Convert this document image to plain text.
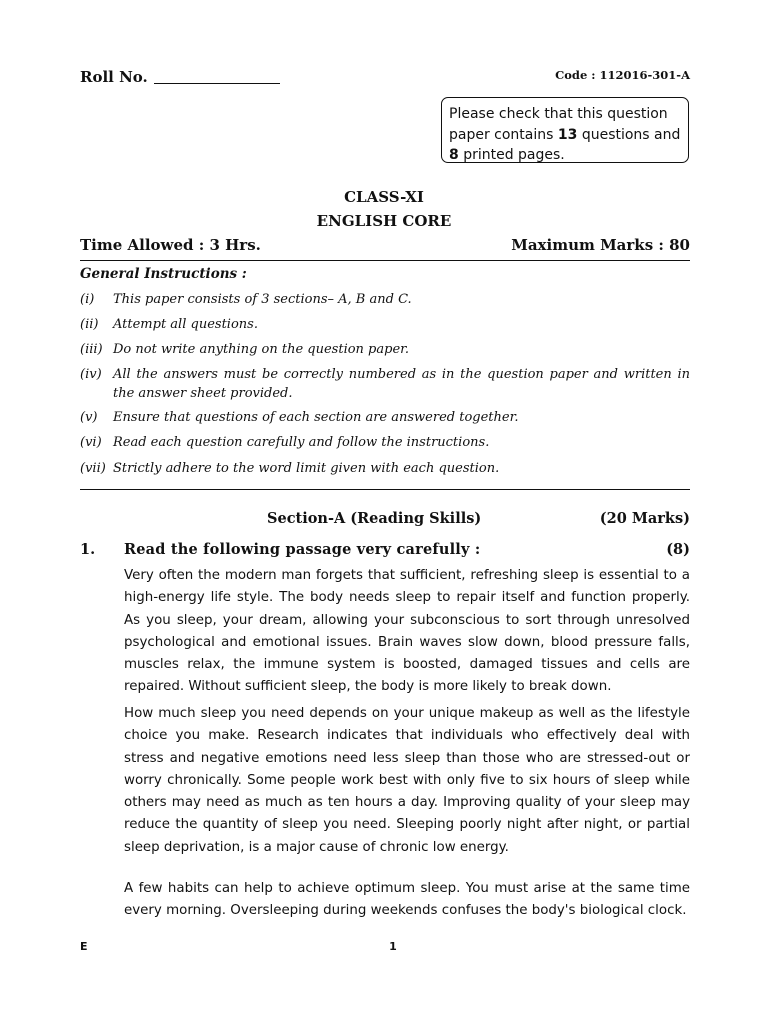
Roll No.	Code : 112016-301-A
Please check that this question paper contains 13 questions and 8 printed pages.
CLASS-XI
ENGLISH CORE
Time Allowed : 3 Hrs.	Maximum Marks : 80
General Instructions :
(i) This paper consists of 3 sections– A, B and C.
(ii) Attempt all questions.
(iii) Do not write anything on the question paper.
(iv) All the answers must be correctly numbered as in the question paper and written in the answer sheet provided.
(v) Ensure that questions of each section are answered together.
(vi) Read each question carefully and follow the instructions.
(vii) Strictly adhere to the word limit given with each question.
Section-A (Reading Skills)	(20 Marks)
1. Read the following passage very carefully :	(8)
Very often the modern man forgets that sufficient, refreshing sleep is essential to a high-energy life style. The body needs sleep to repair itself and function properly. As you sleep, your dream, allowing your subconscious to sort through unresolved psychological and emotional issues. Brain waves slow down, blood pressure falls, muscles relax, the immune system is boosted, damaged tissues and cells are repaired. Without sufficient sleep, the body is more likely to break down.
How much sleep you need depends on your unique makeup as well as the lifestyle choice you make. Research indicates that individuals who effectively deal with stress and negative emotions need less sleep than those who are stressed-out or worry chronically. Some people work best with only five to six hours of sleep while others may need as much as ten hours a day. Improving quality of your sleep may reduce the quantity of sleep you need. Sleeping poorly night after night, or partial sleep deprivation, is a major cause of chronic low energy.
A few habits can help to achieve optimum sleep. You must arise at the same time every morning. Oversleeping during weekends confuses the body's biological clock.
E	1
